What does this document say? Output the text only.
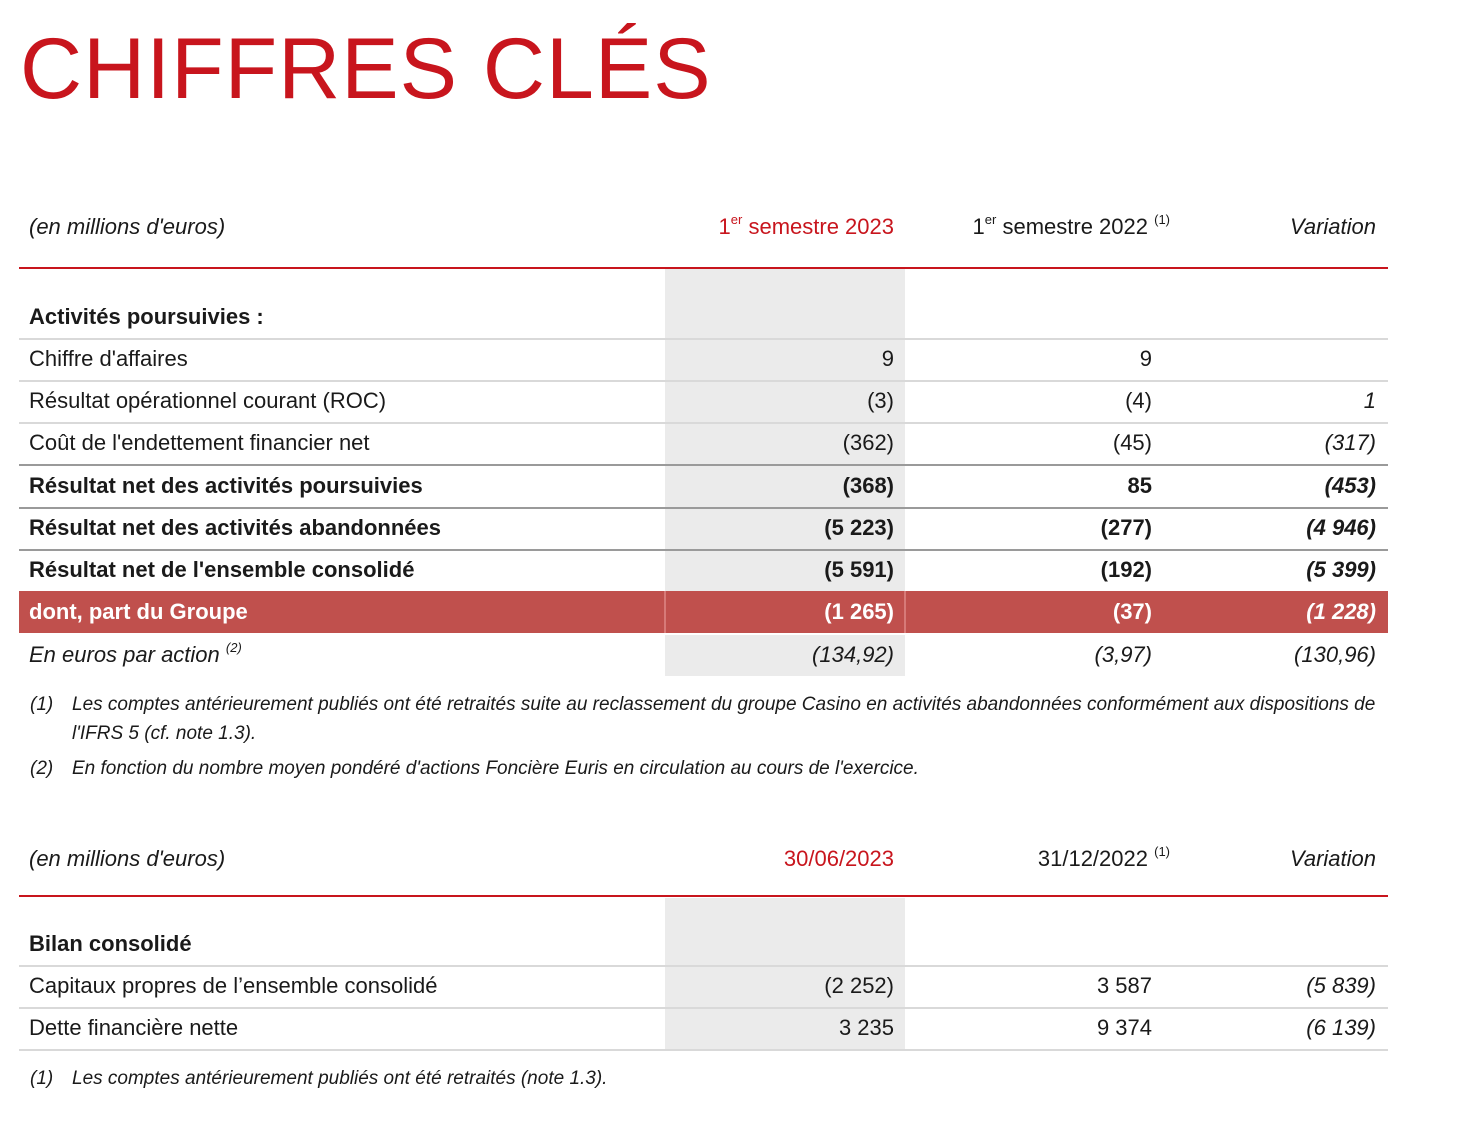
CHIFFRES CLÉS
(en millions d'euros)	1er semestre 2023	1er semestre 2022 $^{(1)}$	Variation
Activités poursuivies :
Chiffre d'affaires	9	9
Résultat opérationnel courant (ROC)	(3)	(4)	1
Coût de l'endettement financier net	(362)	(45)	(317)
Résultat net des activités poursuivies	(368)	85	(453)
Résultat net des activités abandonnées	(5 223)	(277)	(4 946)
Résultat net de l'ensemble consolidé	(5 591)	(192)	(5 399)
dont, part du Groupe	(1 265)	(37)	(1 228)
En euros par action $^{(2)}$	(134,92)	(3,97)	(130,96)
(1) Les comptes antérieurement publiés ont été retraités suite au reclassement du groupe Casino en activités abandonnées conformément aux dispositions de l'IFRS 5 (cf. note 1.3).
(2) En fonction du nombre moyen pondéré d'actions Foncière Euris en circulation au cours de l'exercice.
(en millions d'euros)	30/06/2023	31/12/2022 $^{(1)}$	Variation
Bilan consolidé
Capitaux propres de l’ensemble consolidé	(2 252)	3 587	(5 839)
Dette financière nette	3 235	9 374	(6 139)
(1) Les comptes antérieurement publiés ont été retraités (note 1.3).
